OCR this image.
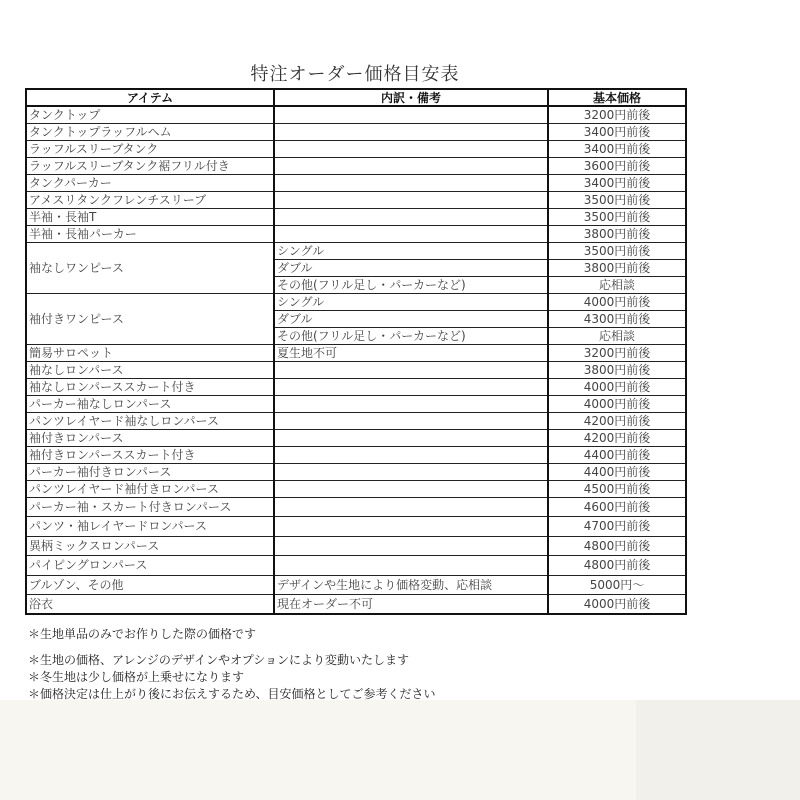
特注オーダー価格目安表
アイテム	内訳・備考	基本価格
タンクトップ		3200円前後
タンクトップラッフルヘム		3400円前後
ラッフルスリーブタンク		3400円前後
ラッフルスリーブタンク裾フリル付き		3600円前後
タンクパーカー		3400円前後
アメスリタンクフレンチスリーブ		3500円前後
半袖・長袖T		3500円前後
半袖・長袖パーカー		3800円前後
袖なしワンピース	シングル	3500円前後
	ダブル	3800円前後
	その他(フリル足し・パーカーなど)	応相談
袖付きワンピース	シングル	4000円前後
	ダブル	4300円前後
	その他(フリル足し・パーカーなど)	応相談
簡易サロペット	夏生地不可	3200円前後
袖なしロンパース		3800円前後
袖なしロンパーススカート付き		4000円前後
パーカー袖なしロンパース		4000円前後
パンツレイヤード袖なしロンパース		4200円前後
袖付きロンパース		4200円前後
袖付きロンパーススカート付き		4400円前後
パーカー袖付きロンパース		4400円前後
パンツレイヤード袖付きロンパース		4500円前後
パーカー袖・スカート付きロンパース		4600円前後
パンツ・袖レイヤードロンパース		4700円前後
異柄ミックスロンパース		4800円前後
パイピングロンパース		4800円前後
ブルゾン、その他	デザインや生地により価格変動、応相談	5000円～
浴衣	現在オーダー不可	4000円前後
＊生地単品のみでお作りした際の価格です
＊生地の価格、アレンジのデザインやオプションにより変動いたします
＊冬生地は少し価格が上乗せになります
＊価格決定は仕上がり後にお伝えするため、目安価格としてご参考ください
